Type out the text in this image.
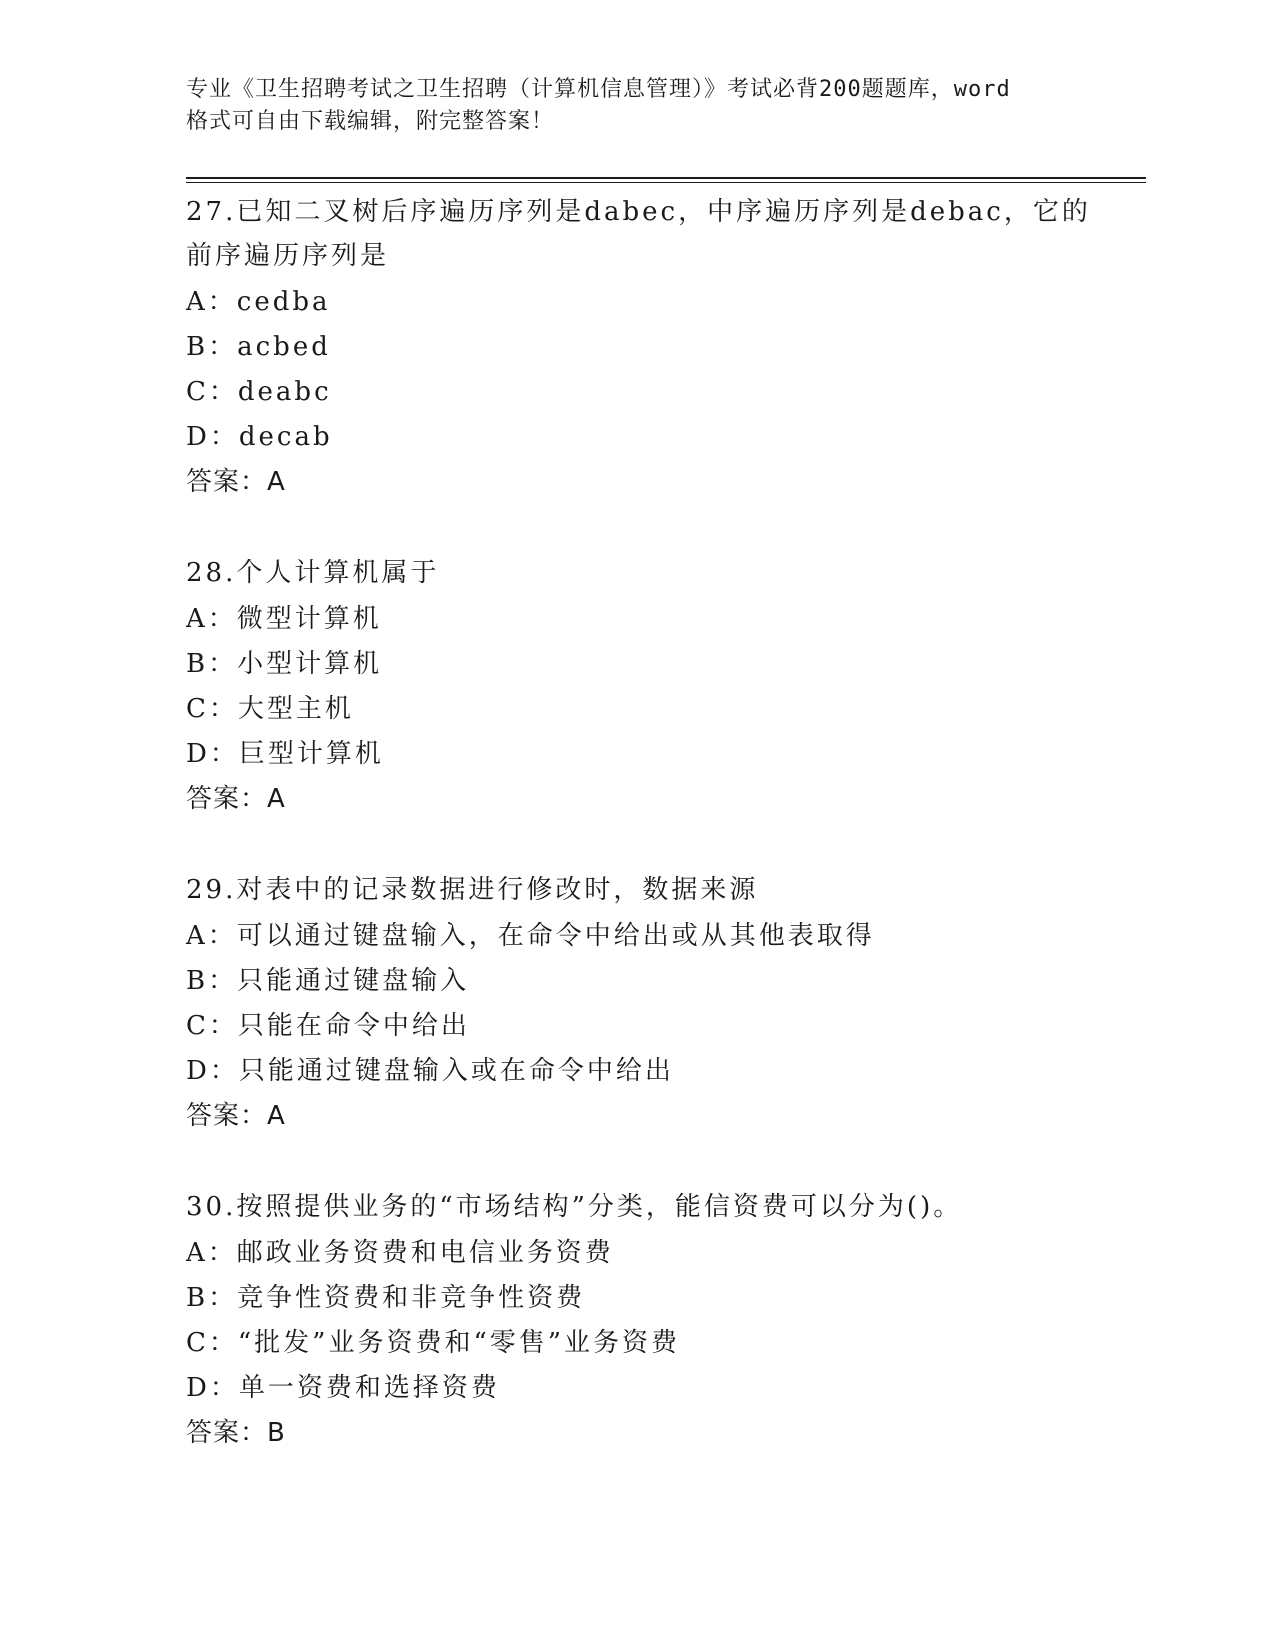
专业《卫生招聘考试之卫生招聘（计算机信息管理）》考试必背200题题库，word
格式可自由下载编辑，附完整答案！
27.已知二叉树后序遍历序列是dabec，中序遍历序列是debac，它的前序遍历序列是
A：cedba
B：acbed
C：deabc
D：decab
答案：A
28.个人计算机属于
A：微型计算机
B：小型计算机
C：大型主机
D：巨型计算机
答案：A
29.对表中的记录数据进行修改时，数据来源
A：可以通过键盘输入，在命令中给出或从其他表取得
B：只能通过键盘输入
C：只能在命令中给出
D：只能通过键盘输入或在命令中给出
答案：A
30.按照提供业务的“市场结构”分类，能信资费可以分为()。
A：邮政业务资费和电信业务资费
B：竞争性资费和非竞争性资费
C：“批发”业务资费和“零售”业务资费
D：单一资费和选择资费
答案：B
